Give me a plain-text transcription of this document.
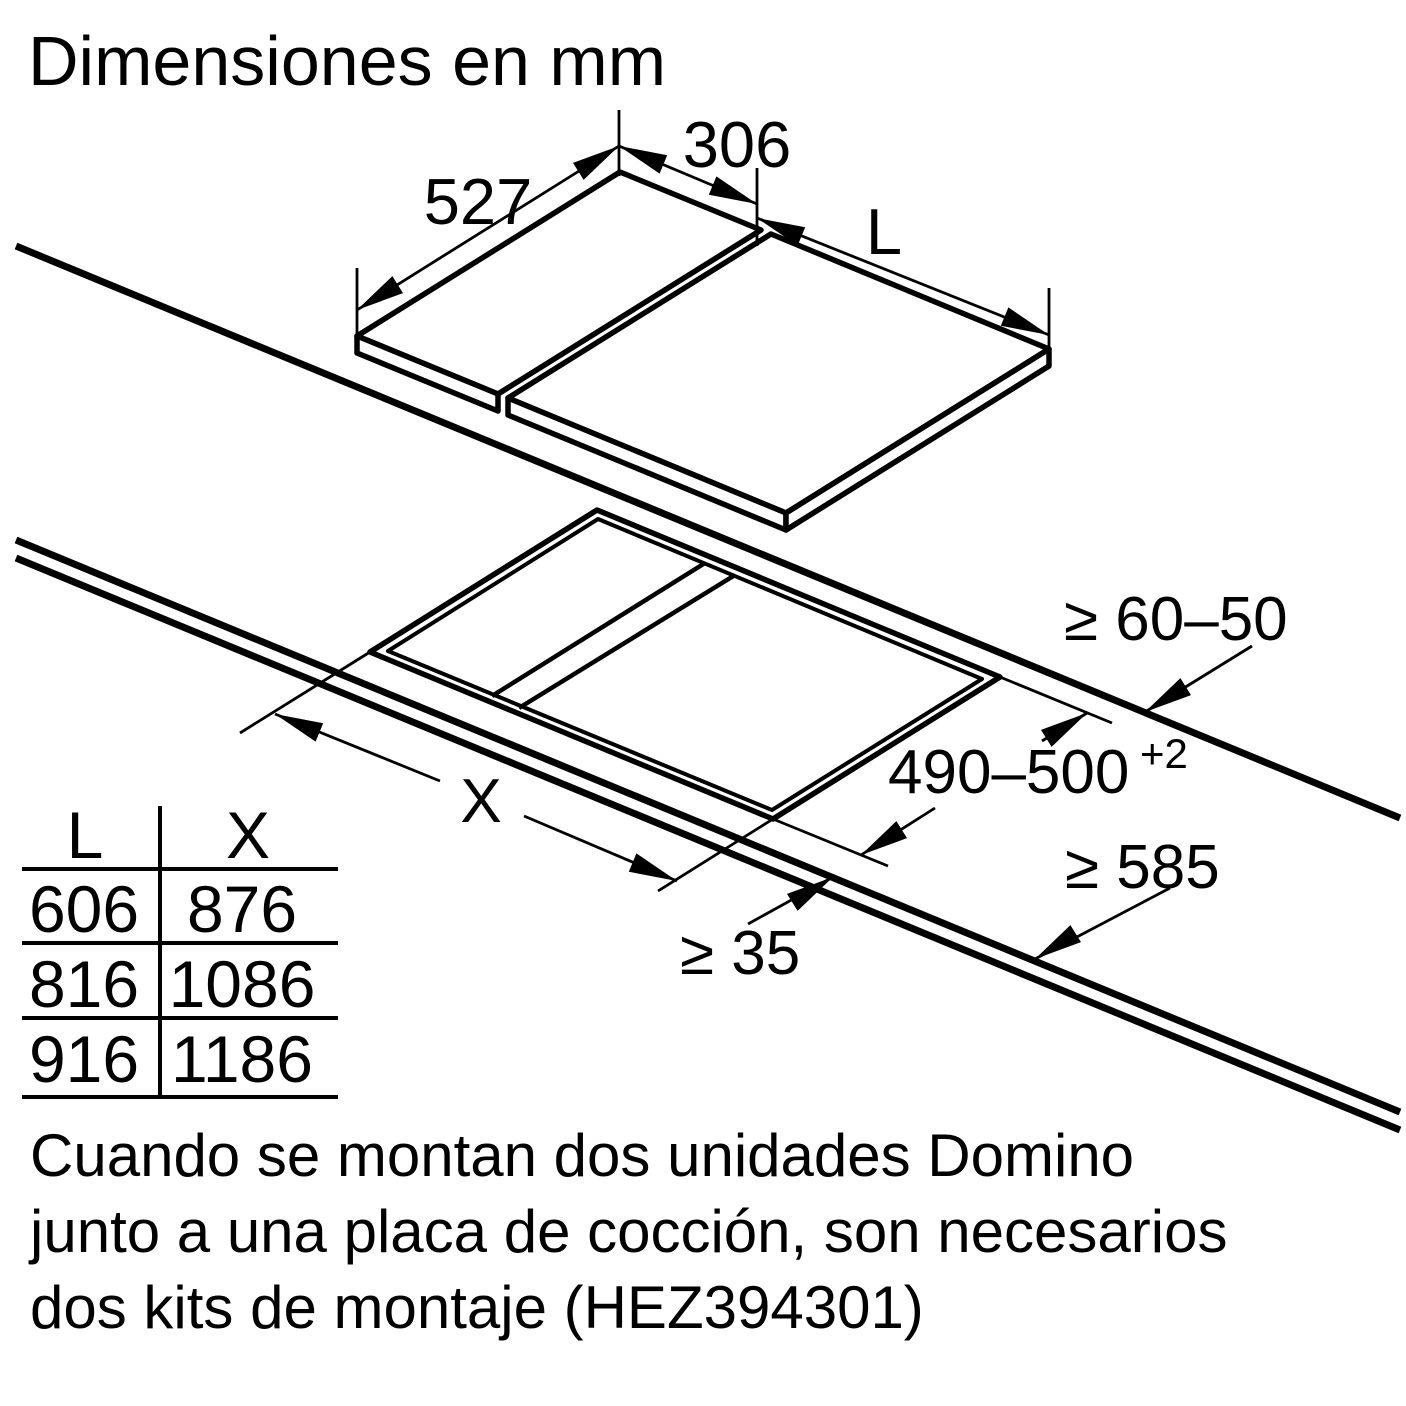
Dimensiones en mm
527
306
L
X	490–500 +2
≥ 60–50
≥ 585
≥ 35
L X
606 876
816 1086
916 1186
Cuando se montan dos unidades Domino
junto a una placa de cocción, son necesarios
dos kits de montaje (HEZ394301)
